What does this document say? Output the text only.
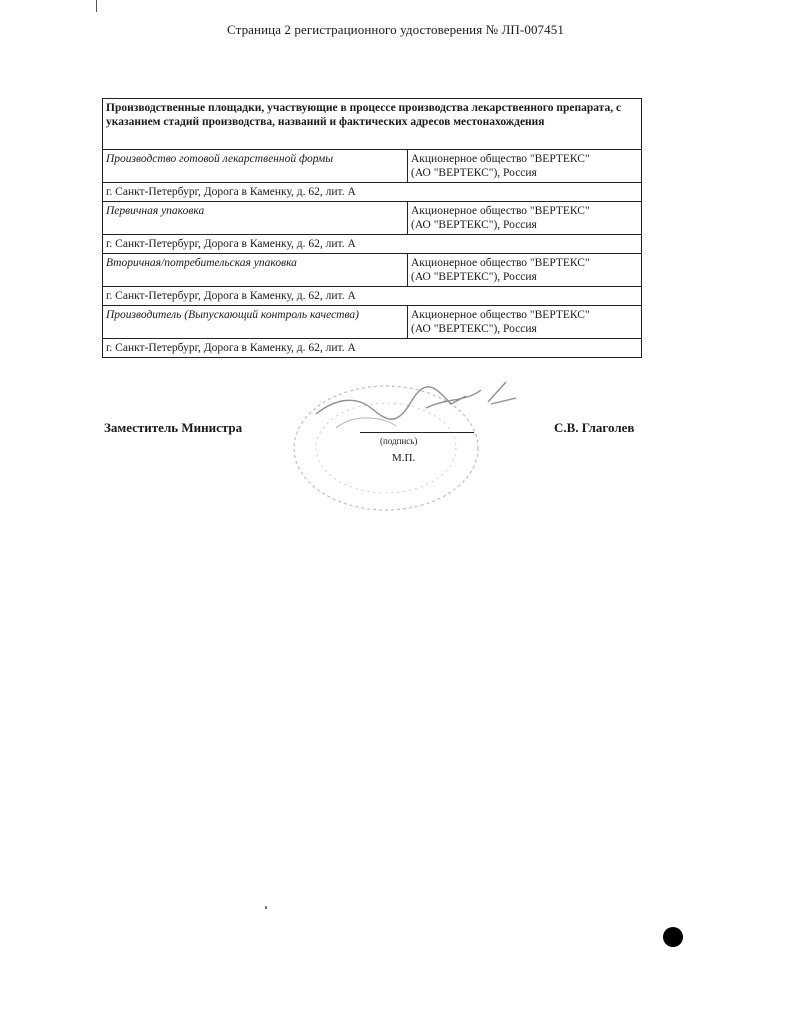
Страница 2 регистрационного удостоверения № ЛП-007451
Производственные площадки, участвующие в процессе производства лекарственного препарата, с указанием стадий производства, названий и фактических адресов местонахождения	
Производство готовой лекарственной формы	Акционерное общество "ВЕРТЕКС"
(АО "ВЕРТЕКС"), Россия

г. Санкт-Петербург, Дорога в Каменку, д. 62, лит. А	
Первичная упаковка	Акционерное общество "ВЕРТЕКС"
(АО "ВЕРТЕКС"), Россия

г. Санкт-Петербург, Дорога в Каменку, д. 62, лит. А	
Вторичная/потребительская упаковка	Акционерное общество "ВЕРТЕКС"
(АО "ВЕРТЕКС"), Россия

г. Санкт-Петербург, Дорога в Каменку, д. 62, лит. А	
Производитель (Выпускающий контроль качества)	Акционерное общество "ВЕРТЕКС"
(АО "ВЕРТЕКС"), Россия

г. Санкт-Петербург, Дорога в Каменку, д. 62, лит. А	
Заместитель Министра
(подпись)
М.П.
С.В. Глаголев
